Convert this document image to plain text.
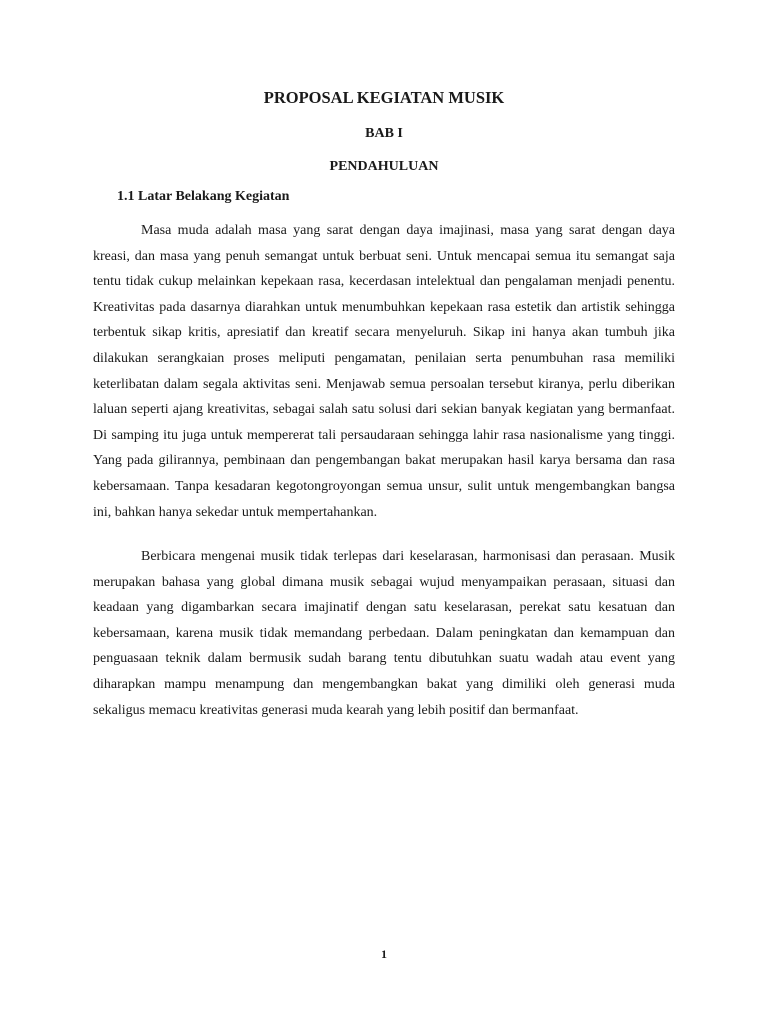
PROPOSAL KEGIATAN MUSIK
BAB I
PENDAHULUAN
1.1 Latar Belakang Kegiatan

Masa muda adalah masa yang sarat dengan daya imajinasi, masa yang sarat dengan daya kreasi, dan masa yang penuh semangat untuk berbuat seni. Untuk mencapai semua itu semangat saja tentu tidak cukup melainkan kepekaan rasa, kecerdasan intelektual dan pengalaman menjadi penentu. Kreativitas pada dasarnya diarahkan untuk menumbuhkan kepekaan rasa estetik dan artistik sehingga terbentuk sikap kritis, apresiatif dan kreatif secara menyeluruh. Sikap ini hanya akan tumbuh jika dilakukan serangkaian proses meliputi pengamatan, penilaian serta penumbuhan rasa memiliki keterlibatan dalam segala aktivitas seni. Menjawab semua persoalan tersebut kiranya, perlu diberikan laluan seperti ajang kreativitas, sebagai salah satu solusi dari sekian banyak kegiatan yang bermanfaat. Di samping itu juga untuk mempererat tali persaudaraan sehingga lahir rasa nasionalisme yang tinggi. Yang pada gilirannya, pembinaan dan pengembangan bakat merupakan hasil karya bersama dan rasa kebersamaan. Tanpa kesadaran kegotongroyongan semua unsur, sulit untuk mengembangkan bangsa ini, bahkan hanya sekedar untuk mempertahankan.

Berbicara mengenai musik tidak terlepas dari keselarasan, harmonisasi dan perasaan. Musik merupakan bahasa yang global dimana musik sebagai wujud menyampaikan perasaan, situasi dan keadaan yang digambarkan secara imajinatif dengan satu keselarasan, perekat satu kesatuan dan kebersamaan, karena musik tidak memandang perbedaan. Dalam peningkatan dan kemampuan dan penguasaan teknik dalam bermusik sudah barang tentu dibutuhkan suatu wadah atau event yang diharapkan mampu menampung dan mengembangkan bakat yang dimiliki oleh generasi muda sekaligus memacu kreativitas generasi muda kearah yang lebih positif dan bermanfaat.

1
